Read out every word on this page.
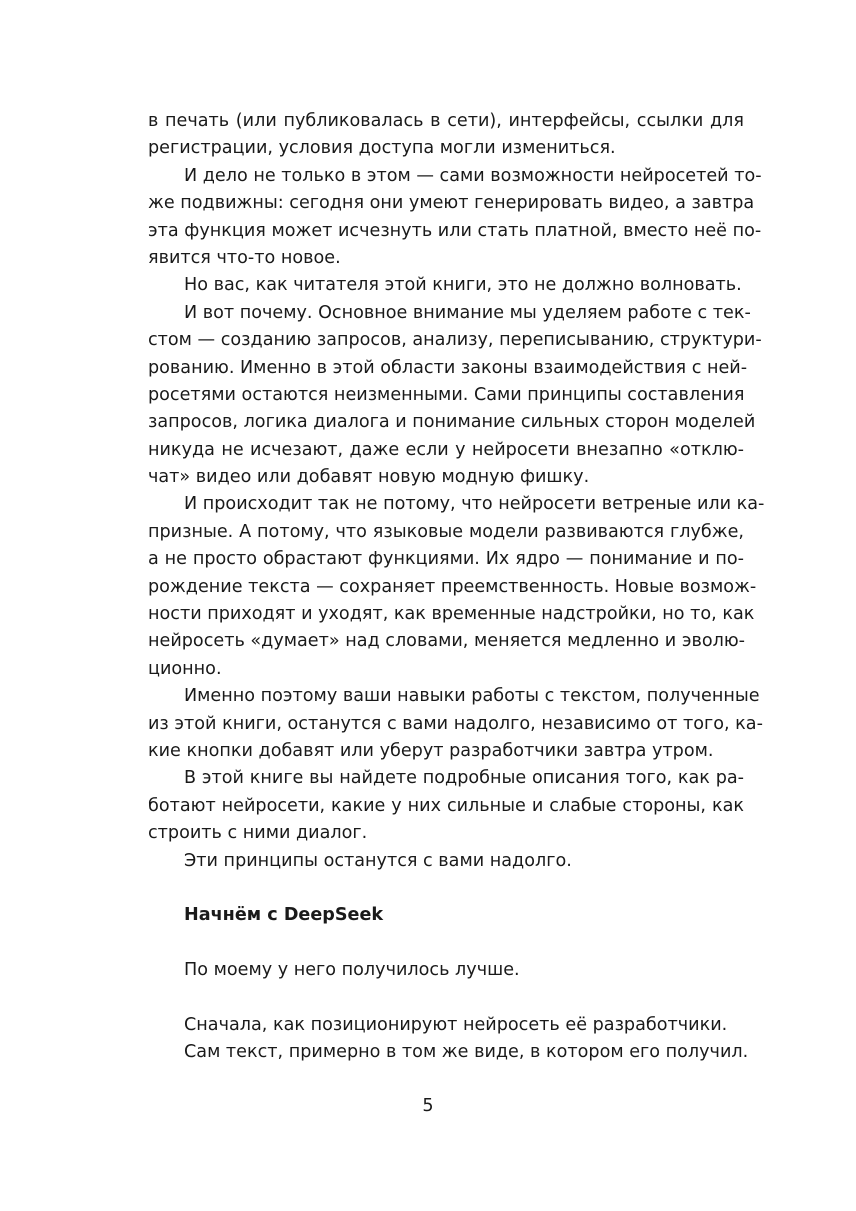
в печать (или публиковалась в сети), интерфейсы, ссылки для
регистрации, условия доступа могли измениться.
И дело не только в этом — сами возможности нейросетей то-
же подвижны: сегодня они умеют генерировать видео, а завтра
эта функция может исчезнуть или стать платной, вместо неё по-
явится что-то новое.
Но вас, как читателя этой книги, это не должно волновать.
И вот почему. Основное внимание мы уделяем работе с тек-
стом — созданию запросов, анализу, переписыванию, структури-
рованию. Именно в этой области законы взаимодействия с ней-
росетями остаются неизменными. Сами принципы составления
запросов, логика диалога и понимание сильных сторон моделей
никуда не исчезают, даже если у нейросети внезапно «отклю-
чат» видео или добавят новую модную фишку.
И происходит так не потому, что нейросети ветреные или ка-
призные. А потому, что языковые модели развиваются глубже,
а не просто обрастают функциями. Их ядро — понимание и по-
рождение текста — сохраняет преемственность. Новые возмож-
ности приходят и уходят, как временные надстройки, но то, как
нейросеть «думает» над словами, меняется медленно и эволю-
ционно.
Именно поэтому ваши навыки работы с текстом, полученные
из этой книги, останутся с вами надолго, независимо от того, ка-
кие кнопки добавят или уберут разработчики завтра утром.
В этой книге вы найдете подробные описания того, как ра-
ботают нейросети, какие у них сильные и слабые стороны, как
строить с ними диалог.
Эти принципы останутся с вами надолго.
Начнём с DeepSeek
По моему у него получилось лучше.
Сначала, как позиционируют нейросеть её разработчики.
Сам текст, примерно в том же виде, в котором его получил.
5
